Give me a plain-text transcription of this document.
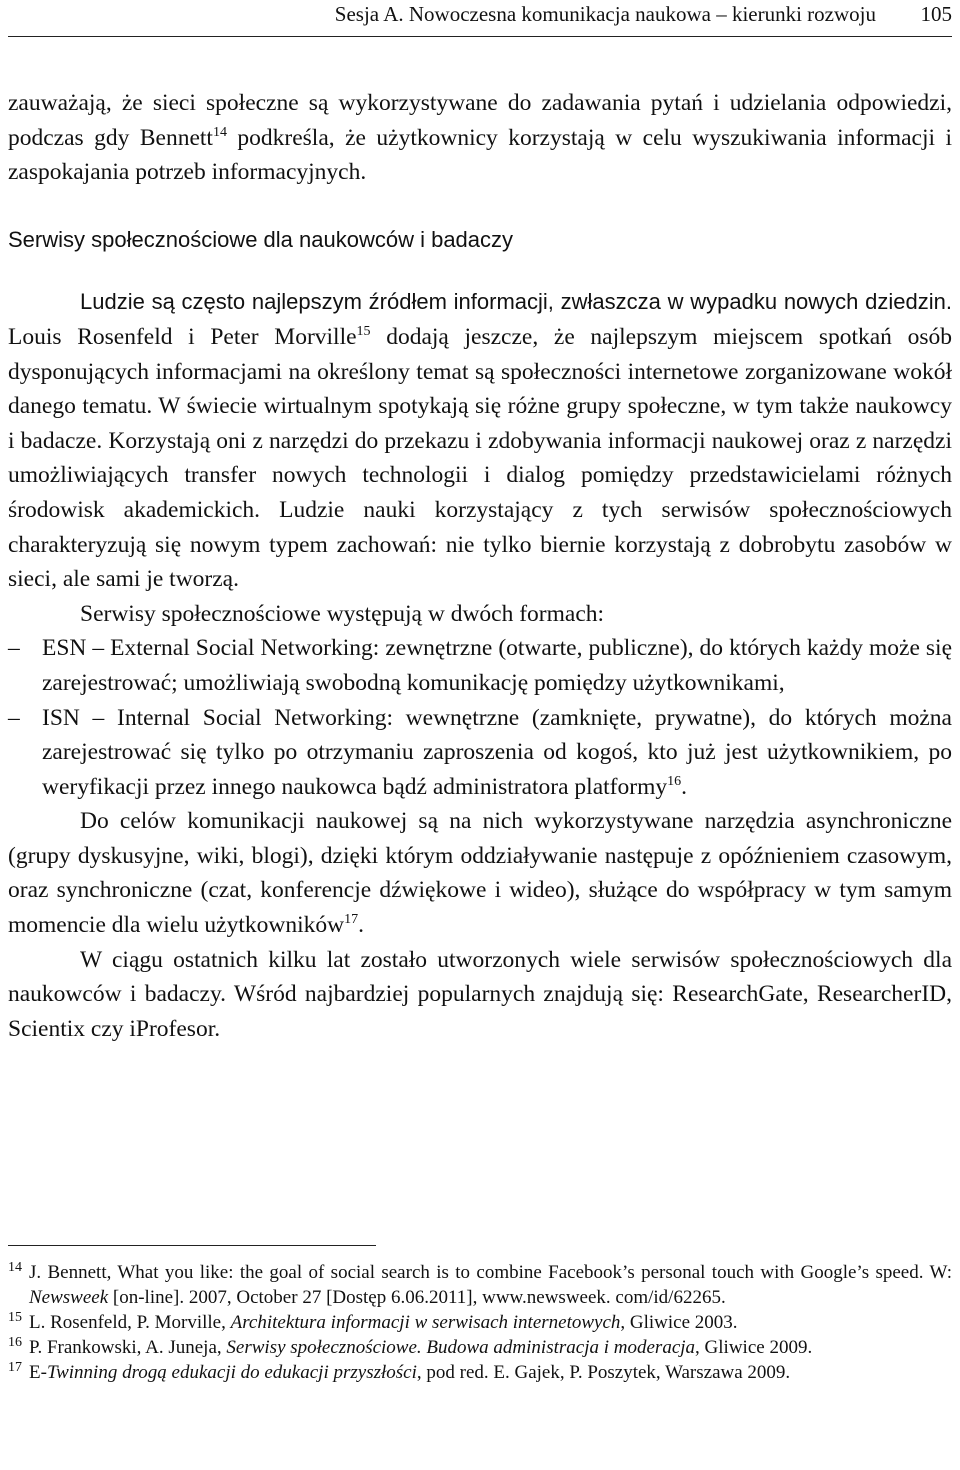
Sesja A. Nowoczesna komunikacja naukowa – kierunki rozwoju 105

zauważają, że sieci społeczne są wykorzystywane do zadawania pytań i udzielania odpowiedzi, podczas gdy Bennett$^{14}$ podkreśla, że użytkownicy korzystają w celu wyszukiwania informacji i zaspokajania potrzeb informacyjnych.

Serwisy społecznościowe dla naukowców i badaczy

Ludzie są często najlepszym źródłem informacji, zwłaszcza w wypadku nowych dziedzin. Louis Rosenfeld i Peter Morville$^{15}$ dodają jeszcze, że najlepszym miejscem spotkań osób dysponujących informacjami na określony temat są społeczności internetowe zorganizowane wokół danego tematu. W świecie wirtualnym spotykają się różne grupy społeczne, w tym także naukowcy i badacze. Korzystają oni z narzędzi do przekazu i zdobywania informacji naukowej oraz z narzędzi umożliwiających transfer nowych technologii i dialog pomiędzy przedstawicielami różnych środowisk akademickich. Ludzie nauki korzystający z tych serwisów społecznościowych charakteryzują się nowym typem zachowań: nie tylko biernie korzystają z dobrobytu zasobów w sieci, ale sami je tworzą.

Serwisy społecznościowe występują w dwóch formach:

– ESN – External Social Networking: zewnętrzne (otwarte, publiczne), do których każdy może się zarejestrować; umożliwiają swobodną komunikację pomiędzy użytkownikami,

– ISN – Internal Social Networking: wewnętrzne (zamknięte, prywatne), do których można zarejestrować się tylko po otrzymaniu zaproszenia od kogoś, kto już jest użytkownikiem, po weryfikacji przez innego naukowca bądź administratora platformy$^{16}$.

Do celów komunikacji naukowej są na nich wykorzystywane narzędzia asynchroniczne (grupy dyskusyjne, wiki, blogi), dzięki którym oddziaływanie następuje z opóźnieniem czasowym, oraz synchroniczne (czat, konferencje dźwiękowe i wideo), służące do współpracy w tym samym momencie dla wielu użytkowników$^{17}$.

W ciągu ostatnich kilku lat zostało utworzonych wiele serwisów społecznościowych dla naukowców i badaczy. Wśród najbardziej popularnych znajdują się: ResearchGate, ResearcherID, Scientix czy iProfesor.

14 J. Bennett, What you like: the goal of social search is to combine Facebook’s personal touch with Google’s speed. W: Newsweek [on-line]. 2007, October 27 [Dostęp 6.06.2011], www.newsweek. com/id/62265.

15 L. Rosenfeld, P. Morville, Architektura informacji w serwisach internetowych, Gliwice 2003.

16 P. Frankowski, A. Juneja, Serwisy społecznościowe. Budowa administracja i moderacja, Gliwice 2009.

17 E-Twinning drogą edukacji do edukacji przyszłości, pod red. E. Gajek, P. Poszytek, Warszawa 2009.
